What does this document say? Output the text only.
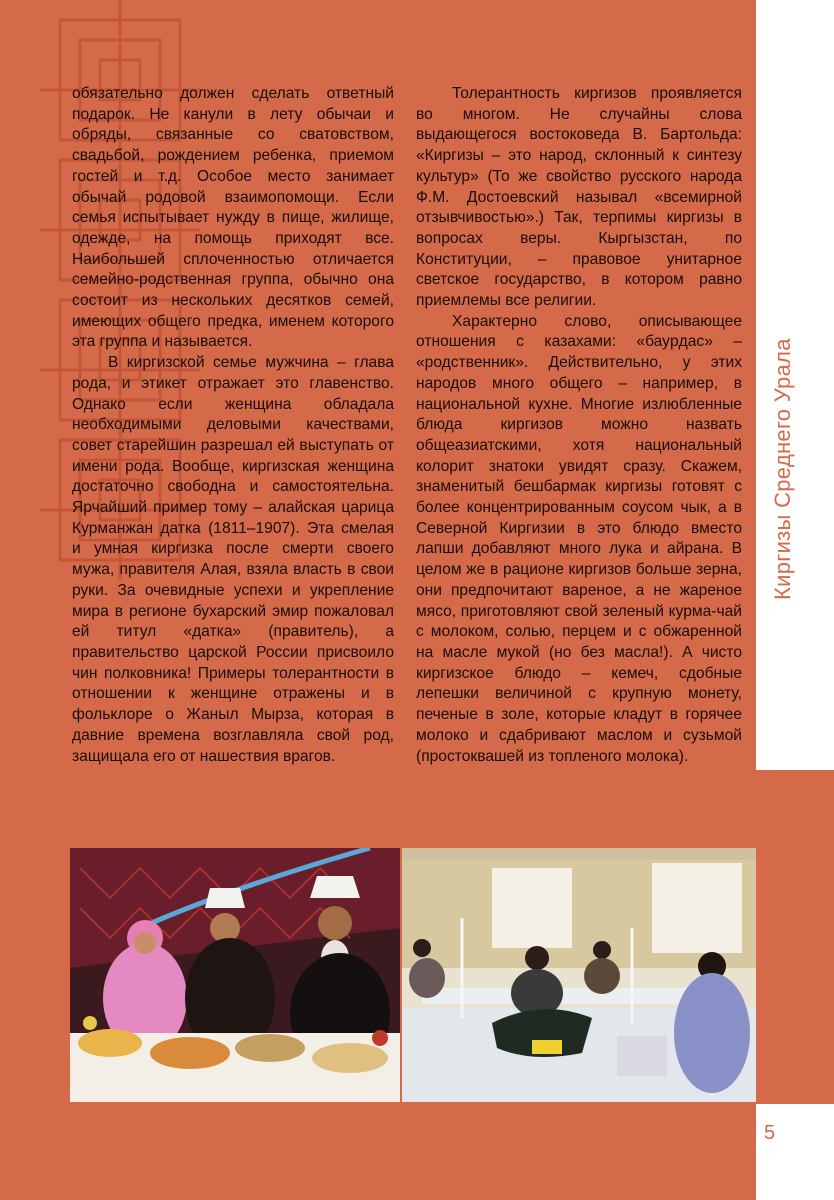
обязательно должен сделать ответный подарок. Не канули в лету обычаи и обряды, связанные со сватовством, свадьбой, рождением ребенка, приемом гостей и т.д. Особое место занимает обычай родовой взаимопомощи. Если семья испытывает нужду в пище, жилище, одежде, на помощь приходят все. Наибольшей сплоченностью отличается семейно-родственная группа, обычно она состоит из нескольких десятков семей, имеющих общего предка, именем которого эта группа и называется.

В киргизской семье мужчина – глава рода, и этикет отражает это главенство. Однако если женщина обладала необходимыми деловыми качествами, совет старейшин разрешал ей выступать от имени рода. Вообще, киргизская женщина достаточно свободна и самостоятельна. Ярчайший пример тому – алайская царица Курманжан датка (1811–1907). Эта смелая и умная киргизка после смерти своего мужа, правителя Алая, взяла власть в свои руки. За очевидные успехи и укрепление мира в регионе бухарский эмир пожаловал ей титул «датка» (правитель), а правительство царской России присвоило чин полковника! Примеры толерантности в отношении к женщине отражены и в фольклоре о Жаныл Мырза, которая в давние времена возглавляла свой род, защищала его от нашествия врагов.

Толерантность киргизов проявляется во многом. Не случайны слова выдающегося востоковеда В. Бартольда: «Киргизы – это народ, склонный к синтезу культур» (То же свойство русского народа Ф.М. Достоевский называл «всемирной отзывчивостью».) Так, терпимы киргизы в вопросах веры. Кыргызстан, по Конституции, – правовое унитарное светское государство, в котором равно приемлемы все религии.

Характерно слово, описывающее отношения с казахами: «бауpдас» – «родственник». Действительно, у этих народов много общего – например, в национальной кухне. Многие излюбленные блюда киргизов можно назвать общеазиатскими, хотя национальный колорит знатоки увидят сразу. Скажем, знаменитый бешбармак киргизы готовят с более концентрированным соусом чык, а в Северной Киргизии в это блюдо вместо лапши добавляют много лука и айрана. В целом же в рационе киргизов больше зерна, они предпочитают вареное, а не жареное мясо, приготовляют свой зеленый курма-чай с молоком, солью, перцем и с обжаренной на масле мукой (но без масла!). А чисто киргизское блюдо – кемеч, сдобные лепешки величиной с крупную монету, печеные в золе, которые кладут в горячее молоко и сдабривают маслом и сузьмой (простоквашей из топленого молока).

Киргизы Среднего Урала
5
